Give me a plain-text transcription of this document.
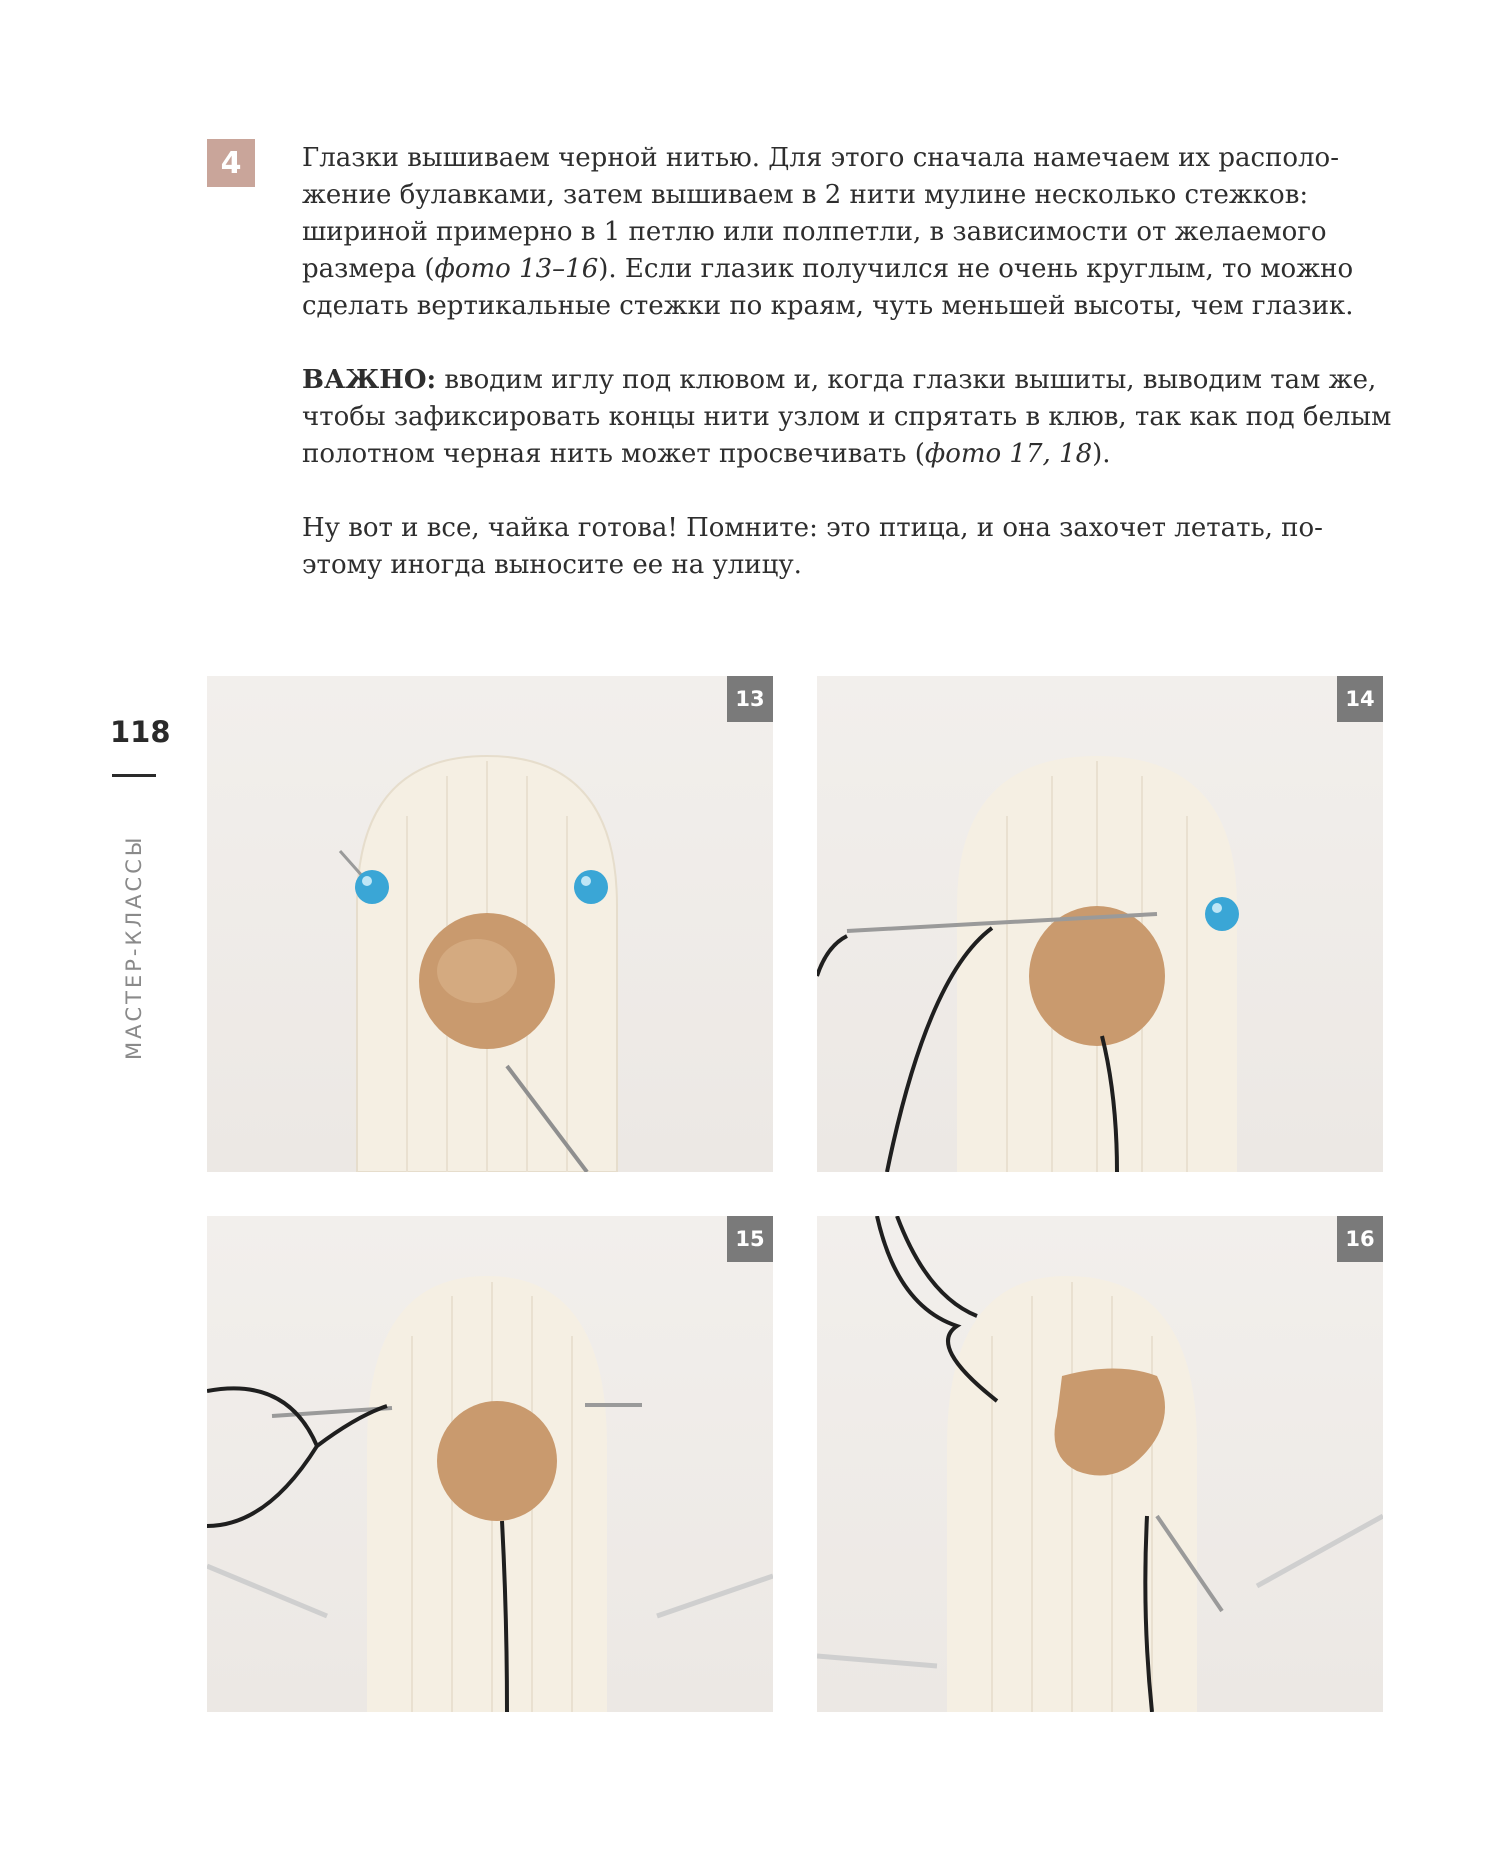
4 Глазки вышиваем черной нитью. Для этого сначала намечаем их расположение булавками, затем вышиваем в 2 нити мулине несколько стежков: шириной примерно в 1 петлю или полпетли, в зависимости от желаемого размера (фото 13–16). Если глазик получился не очень круглым, то можно сделать вертикальные стежки по краям, чуть меньшей высоты, чем глазик.

ВАЖНО: вводим иглу под клювом и, когда глазки вышиты, выводим там же, чтобы зафиксировать концы нити узлом и спрятать в клюв, так как под белым полотном черная нить может просвечивать (фото 17, 18).

Ну вот и все, чайка готова! Помните: это птица, и она захочет летать, поэтому иногда выносите ее на улицу.

118
МАСТЕР-КЛАССЫ
13	14
15	16
